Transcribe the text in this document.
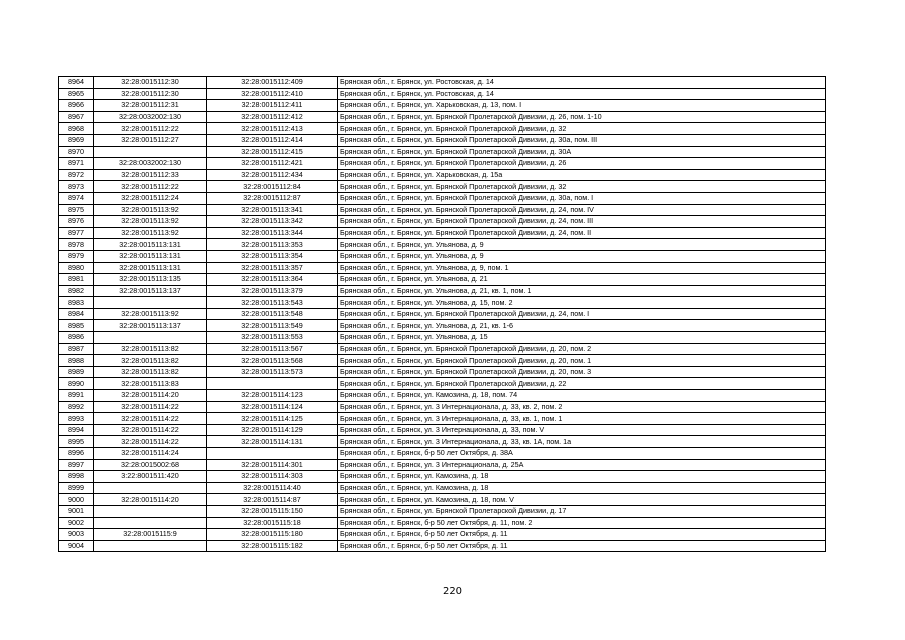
8964	32:28:0015112:30	32:28:0015112:409	Брянская обл., г. Брянск, ул. Ростовская, д. 14
8965	32:28:0015112:30	32:28:0015112:410	Брянская обл., г. Брянск, ул. Ростовская, д. 14
8966	32:28:0015112:31	32:28:0015112:411	Брянская обл., г. Брянск, ул. Харьковская, д. 13, пом. I
8967	32:28:0032002:130	32:28:0015112:412	Брянская обл., г. Брянск, ул. Брянской Пролетарской Дивизии, д. 26, пом. 1-10
8968	32:28:0015112:22	32:28:0015112:413	Брянская обл., г. Брянск, ул. Брянской Пролетарской Дивизии, д. 32
8969	32:28:0015112:27	32:28:0015112:414	Брянская обл., г. Брянск, ул. Брянской Пролетарской Дивизии, д. 30а, пом. III
8970		32:28:0015112:415	Брянская обл., г. Брянск, ул. Брянской Пролетарской Дивизии, д. 30А
8971	32:28:0032002:130	32:28:0015112:421	Брянская обл., г. Брянск, ул. Брянской Пролетарской Дивизии, д. 26
8972	32:28:0015112:33	32:28:0015112:434	Брянская обл., г. Брянск, ул. Харьковская, д. 15а
8973	32:28:0015112:22	32:28:0015112:84	Брянская обл., г. Брянск, ул. Брянской Пролетарской Дивизии, д. 32
8974	32:28:0015112:24	32:28:0015112:87	Брянская обл., г. Брянск, ул. Брянской Пролетарской Дивизии, д. 30а, пом. I
8975	32:28:0015113:92	32:28:0015113:341	Брянская обл., г. Брянск, ул. Брянской Пролетарской Дивизии, д. 24, пом. IV
8976	32:28:0015113:92	32:28:0015113:342	Брянская обл., г. Брянск, ул. Брянской Пролетарской Дивизии, д. 24, пом. III
8977	32:28:0015113:92	32:28:0015113:344	Брянская обл., г. Брянск, ул. Брянской Пролетарской Дивизии, д. 24, пом. II
8978	32:28:0015113:131	32:28:0015113:353	Брянская обл., г. Брянск, ул. Ульянова, д. 9
8979	32:28:0015113:131	32:28:0015113:354	Брянская обл., г. Брянск, ул. Ульянова, д. 9
8980	32:28:0015113:131	32:28:0015113:357	Брянская обл., г. Брянск, ул. Ульянова, д. 9, пом. 1
8981	32:28:0015113:135	32:28:0015113:364	Брянская обл., г. Брянск, ул. Ульянова, д. 21
8982	32:28:0015113:137	32:28:0015113:379	Брянская обл., г. Брянск, ул. Ульянова, д. 21, кв. 1, пом. 1
8983		32:28:0015113:543	Брянская обл., г. Брянск, ул. Ульянова, д. 15, пом. 2
8984	32:28:0015113:92	32:28:0015113:548	Брянская обл., г. Брянск, ул. Брянской Пролетарской Дивизии, д. 24, пом. I
8985	32:28:0015113:137	32:28:0015113:549	Брянская обл., г. Брянск, ул. Ульянова, д. 21, кв. 1-6
8986		32:28:0015113:553	Брянская обл., г. Брянск, ул. Ульянова, д. 15
8987	32:28:0015113:82	32:28:0015113:567	Брянская обл., г. Брянск, ул. Брянской Пролетарской Дивизии, д. 20, пом. 2
8988	32:28:0015113:82	32:28:0015113:568	Брянская обл., г. Брянск, ул. Брянской Пролетарской Дивизии, д. 20, пом. 1
8989	32:28:0015113:82	32:28:0015113:573	Брянская обл., г. Брянск, ул. Брянской Пролетарской Дивизии, д. 20, пом. 3
8990	32:28:0015113:83		Брянская обл., г. Брянск, ул. Брянской Пролетарской Дивизии, д. 22
8991	32:28:0015114:20	32:28:0015114:123	Брянская обл., г. Брянск, ул. Камозина, д. 18, пом. 74
8992	32:28:0015114:22	32:28:0015114:124	Брянская обл., г. Брянск, ул. 3 Интернационала, д. 33, кв. 2, пом. 2
8993	32:28:0015114:22	32:28:0015114:125	Брянская обл., г. Брянск, ул. 3 Интернационала, д. 33, кв. 1, пом. 1
8994	32:28:0015114:22	32:28:0015114:129	Брянская обл., г. Брянск, ул. 3 Интернационала, д. 33, пом. V
8995	32:28:0015114:22	32:28:0015114:131	Брянская обл., г. Брянск, ул. 3 Интернационала, д. 33, кв. 1А, пом. 1а
8996	32:28:0015114:24		Брянская обл., г. Брянск, б-р 50 лет Октября, д. 38А
8997	32:28:0015002:68	32:28:0015114:301	Брянская обл., г. Брянск, ул. 3 Интернационала, д. 25А
8998	3:22:8001511:420	32:28:0015114:303	Брянская обл., г. Брянск, ул. Камозина, д. 18
8999		32:28:0015114:40	Брянская обл., г. Брянск, ул. Камозина, д. 18
9000	32:28:0015114:20	32:28:0015114:87	Брянская обл., г. Брянск, ул. Камозина, д. 18, пом. V
9001		32:28:0015115:150	Брянская обл., г. Брянск, ул. Брянской Пролетарской Дивизии, д. 17
9002		32:28:0015115:18	Брянская обл., г. Брянск, б-р 50 лет Октября, д. 11, пом. 2
9003	32:28:0015115:9	32:28:0015115:180	Брянская обл., г. Брянск, б-р 50 лет Октября, д. 11
9004		32:28:0015115:182	Брянская обл., г. Брянск, б-р 50 лет Октября, д. 11
220
